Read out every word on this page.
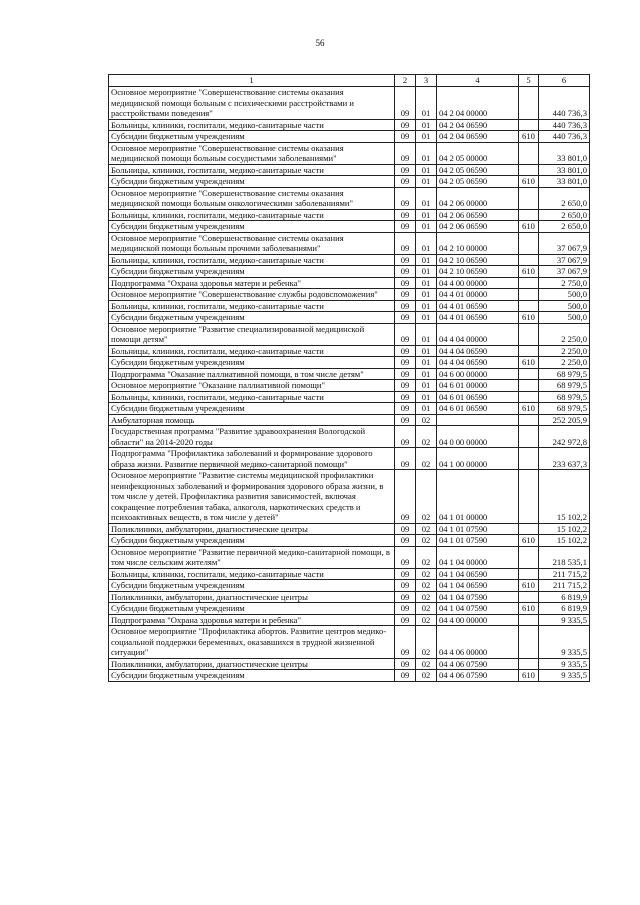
56
1	2	3	4	5	6
Основное мероприятие "Совершенствование системы оказания медицинской помощи больным с психическими расстройствами и расстройствами поведения"	09	01	04 2 04 00000		440 736,3
Больницы, клиники, госпитали, медико-санитарные части	09	01	04 2 04 06590		440 736,3
Субсидии бюджетным учреждениям	09	01	04 2 04 06590	610	440 736,3
Основное мероприятие "Совершенствование системы оказания медицинской помощи больным сосудистыми заболеваниями"	09	01	04 2 05 00000		33 801,0
Больницы, клиники, госпитали, медико-санитарные части	09	01	04 2 05 06590		33 801,0
Субсидии бюджетным учреждениям	09	01	04 2 05 06590	610	33 801,0
Основное мероприятие "Совершенствование системы оказания медицинской помощи больным онкологическими заболеваниями"	09	01	04 2 06 00000		2 650,0
Больницы, клиники, госпитали, медико-санитарные части	09	01	04 2 06 06590		2 650,0
Субсидии бюджетным учреждениям	09	01	04 2 06 06590	610	2 650,0
Основное мероприятие "Совершенствование системы оказания медицинской помощи больным прочими заболеваниями"	09	01	04 2 10 00000		37 067,9
Больницы, клиники, госпитали, медико-санитарные части	09	01	04 2 10 06590		37 067,9
Субсидии бюджетным учреждениям	09	01	04 2 10 06590	610	37 067,9
Подпрограмма "Охрана здоровья матери и ребенка"	09	01	04 4 00 00000		2 750,0
Основное мероприятие "Совершенствование службы родовспоможения"	09	01	04 4 01 00000		500,0
Больницы, клиники, госпитали, медико-санитарные части	09	01	04 4 01 06590		500,0
Субсидии бюджетным учреждениям	09	01	04 4 01 06590	610	500,0
Основное мероприятие "Развитие специализированной медицинской помощи детям"	09	01	04 4 04 00000		2 250,0
Больницы, клиники, госпитали, медико-санитарные части	09	01	04 4 04 06590		2 250,0
Субсидии бюджетным учреждениям	09	01	04 4 04 06590	610	2 250,0
Подпрограмма "Оказание паллиативной помощи, в том числе детям"	09	01	04 6 00 00000		68 979,5
Основное мероприятие "Оказание паллиативной помощи"	09	01	04 6 01 00000		68 979,5
Больницы, клиники, госпитали, медико-санитарные части	09	01	04 6 01 06590		68 979,5
Субсидии бюджетным учреждениям	09	01	04 6 01 06590	610	68 979,5
Амбулаторная помощь	09	02			252 205,9
Государственная программа "Развитие здравоохранения Вологодской области" на 2014-2020 годы	09	02	04 0 00 00000		242 972,8
Подпрограмма "Профилактика заболеваний и формирование здорового образа жизни. Развитие первичной медико-санитарной помощи"	09	02	04 1 00 00000		233 637,3
Основное мероприятие "Развитие системы медицинской профилактики неинфекционных заболеваний и формирования здорового образа жизни, в том числе у детей. Профилактика развития зависимостей, включая сокращение потребления табака, алкоголя, наркотических средств и психоактивных веществ, в том числе у детей"	09	02	04 1 01 00000		15 102,2
Поликлиники, амбулатории, диагностические центры	09	02	04 1 01 07590		15 102,2
Субсидии бюджетным учреждениям	09	02	04 1 01 07590	610	15 102,2
Основное мероприятие "Развитие первичной медико-санитарной помощи, в том числе сельским жителям"	09	02	04 1 04 00000		218 535,1
Больницы, клиники, госпитали, медико-санитарные части	09	02	04 1 04 06590		211 715,2
Субсидии бюджетным учреждениям	09	02	04 1 04 06590	610	211 715,2
Поликлиники, амбулатории, диагностические центры	09	02	04 1 04 07590		6 819,9
Субсидии бюджетным учреждениям	09	02	04 1 04 07590	610	6 819,9
Подпрограмма "Охрана здоровья матери и ребенка"	09	02	04 4 00 00000		9 335,5
Основное мероприятие "Профилактика абортов. Развитие центров медико-социальной поддержки беременных, оказавшихся в трудной жизненной ситуации"	09	02	04 4 06 00000		9 335,5
Поликлиники, амбулатории, диагностические центры	09	02	04 4 06 07590		9 335,5
Субсидии бюджетным учреждениям	09	02	04 4 06 07590	610	9 335,5
